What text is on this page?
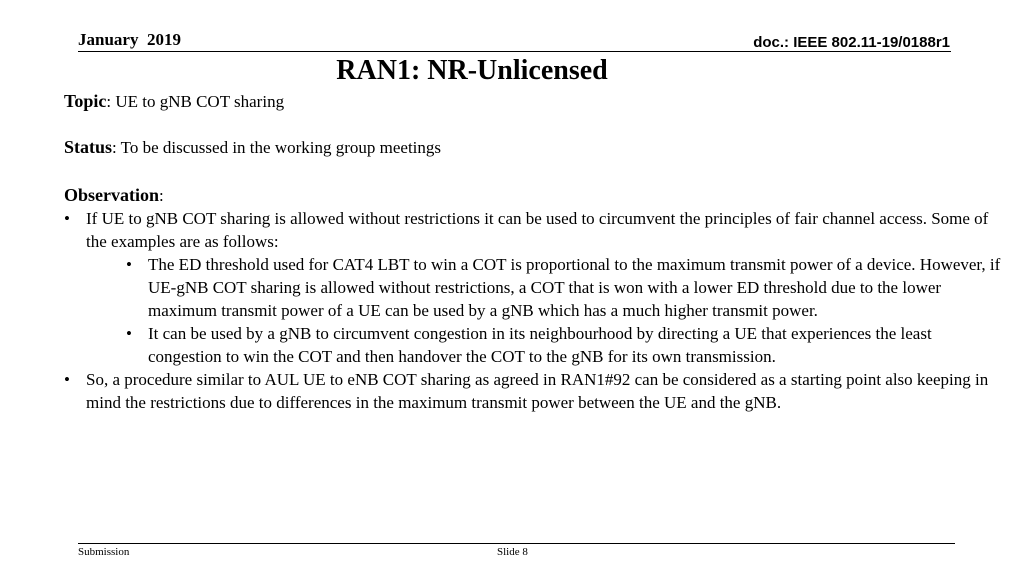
January  2019	doc.: IEEE 802.11-19/0188r1
RAN1: NR-Unlicensed

Topic: UE to gNB COT sharing

Status: To be discussed in the working group meetings

Observation:

• If UE to gNB COT sharing is allowed without restrictions it can be used to circumvent the principles of fair channel access. Some of the examples are as follows:
• The ED threshold used for CAT4 LBT to win a COT is proportional to the maximum transmit power of a device. However, if UE-gNB COT sharing is allowed without restrictions, a COT that is won with a lower ED threshold due to the lower maximum transmit power of a UE can be used by a gNB which has a much higher transmit power.
• It can be used by a gNB to circumvent congestion in its neighbourhood by directing a UE that experiences the least congestion to win the COT and then handover the COT to the gNB for its own transmission.
• So, a procedure similar to AUL UE to eNB COT sharing as agreed in RAN1#92 can be considered as a starting point also keeping in mind the restrictions due to differences in the maximum transmit power between the UE and the gNB.
Submission	Slide 8
